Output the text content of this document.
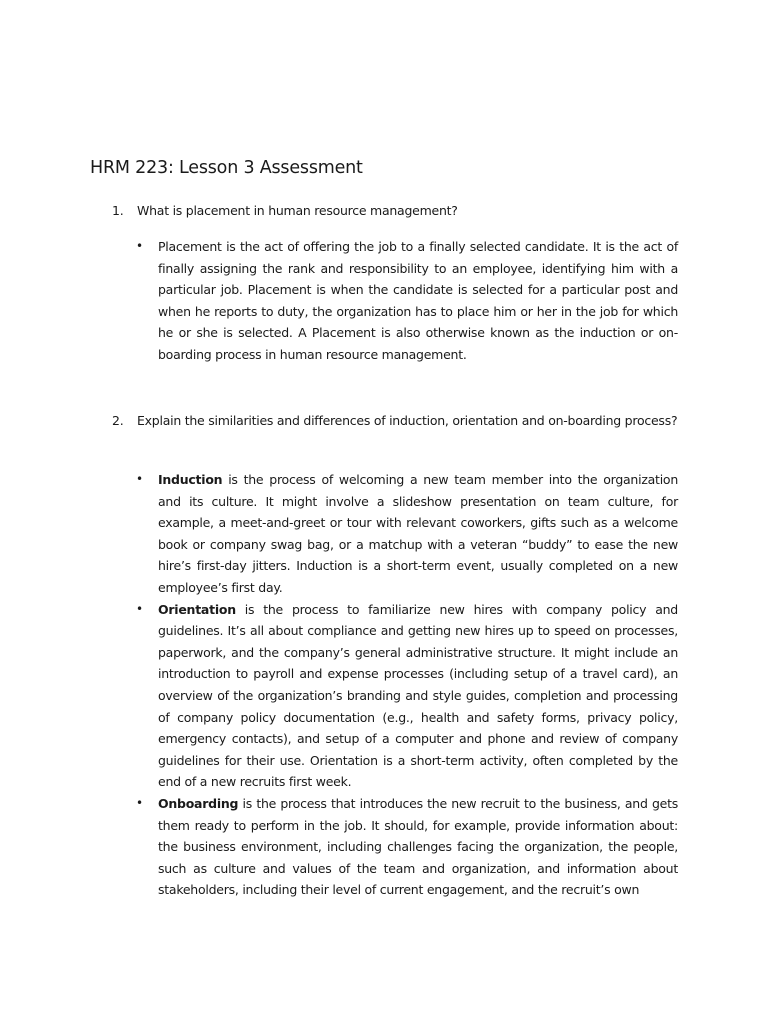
HRM 223: Lesson 3 Assessment

1. What is placement in human resource management?

• Placement is the act of offering the job to a finally selected candidate. It is the act of finally assigning the rank and responsibility to an employee, identifying him with a particular job. Placement is when the candidate is selected for a particular post and when he reports to duty, the organization has to place him or her in the job for which he or she is selected. A Placement is also otherwise known as the induction or on-boarding process in human resource management.

2. Explain the similarities and differences of induction, orientation and on-boarding process?

• Induction is the process of welcoming a new team member into the organization and its culture. It might involve a slideshow presentation on team culture, for example, a meet-and-greet or tour with relevant coworkers, gifts such as a welcome book or company swag bag, or a matchup with a veteran “buddy” to ease the new hire’s first-day jitters. Induction is a short-term event, usually completed on a new employee’s first day.
• Orientation is the process to familiarize new hires with company policy and guidelines. It’s all about compliance and getting new hires up to speed on processes, paperwork, and the company’s general administrative structure. It might include an introduction to payroll and expense processes (including setup of a travel card), an overview of the organization’s branding and style guides, completion and processing of company policy documentation (e.g., health and safety forms, privacy policy, emergency contacts), and setup of a computer and phone and review of company guidelines for their use. Orientation is a short-term activity, often completed by the end of a new recruits first week.
• Onboarding is the process that introduces the new recruit to the business, and gets them ready to perform in the job. It should, for example, provide information about: the business environment, including challenges facing the organization, the people, such as culture and values of the team and organization, and information about stakeholders, including their level of current engagement, and the recruit’s own
